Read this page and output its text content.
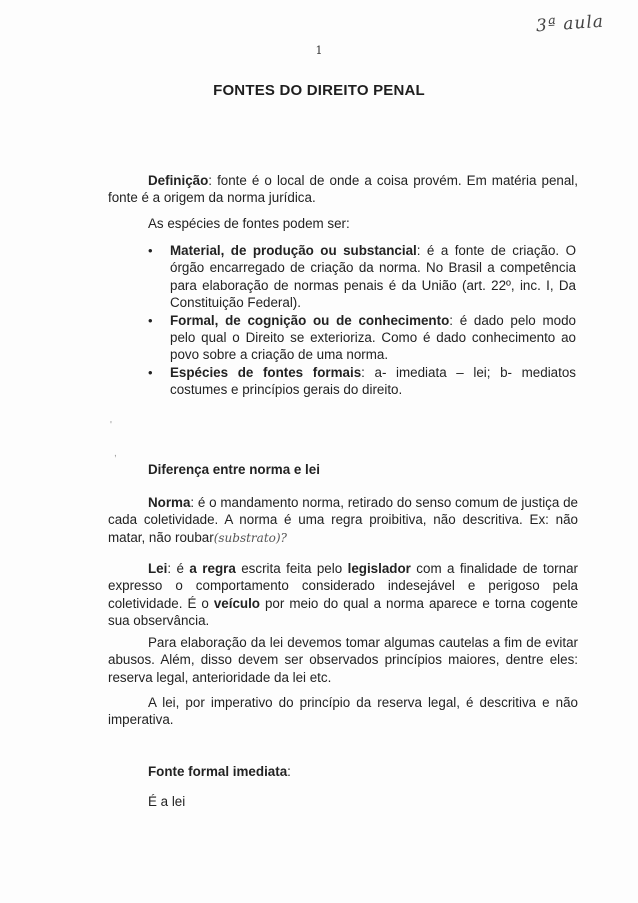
3ª aula
1
FONTES DO DIREITO PENAL
Definição: fonte é o local de onde a coisa provém. Em matéria penal, fonte é a origem da norma jurídica.
As espécies de fontes podem ser:
• Material, de produção ou substancial: é a fonte de criação. O órgão encarregado de criação da norma. No Brasil a competência para elaboração de normas penais é da União (art. 22º, inc. I, Da Constituição Federal).
• Formal, de cognição ou de conhecimento: é dado pelo modo pelo qual o Direito se exterioriza. Como é dado conhecimento ao povo sobre a criação de uma norma.
• Espécies de fontes formais: a- imediata – lei; b- mediatos costumes e princípios gerais do direito.
'
,
Diferença entre norma e lei
Norma: é o mandamento norma, retirado do senso comum de justiça de cada coletividade. A norma é uma regra proibitiva, não descritiva. Ex: não matar, não roubar(substrato)?
Lei: é a regra escrita feita pelo legislador com a finalidade de tornar expresso o comportamento considerado indesejável e perigoso pela coletividade. É o veículo por meio do qual a norma aparece e torna cogente sua observância.
Para elaboração da lei devemos tomar algumas cautelas a fim de evitar abusos. Além, disso devem ser observados princípios maiores, dentre eles: reserva legal, anterioridade da lei etc.
A lei, por imperativo do princípio da reserva legal, é descritiva e não imperativa.
Fonte formal imediata:
É a lei
